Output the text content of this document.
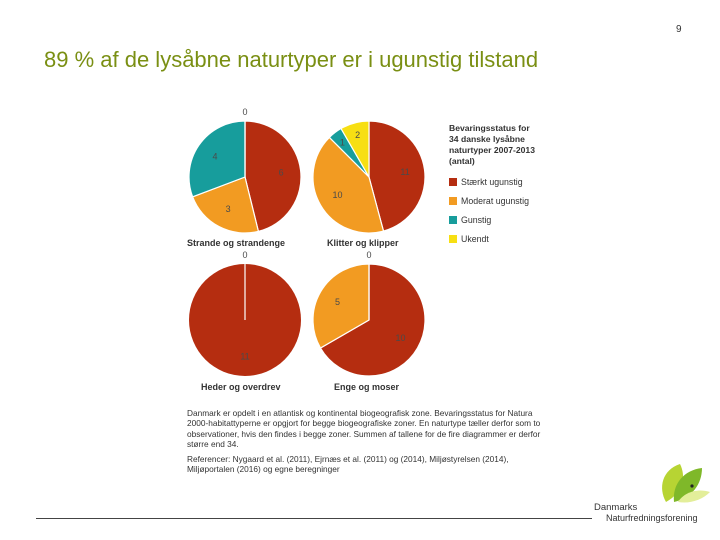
9
89 % af de lysåbne naturtyper er i ugunstig tilstand
6
3
4
0
Strande og strandenge
11
10
1
2
Klitter og klipper
11
0
Heder og overdrev
10
5
0
Enge og moser
Bevaringsstatus for
34 danske lysåbne
naturtyper 2007-2013
(antal)
Stærkt ugunstig
Moderat ugunstig
Gunstig
Ukendt

Danmark er opdelt i en atlantisk og kontinental biogeografisk zone. Bevaringsstatus for Natura 2000-habitattyperne er opgjort for begge biogeografiske zoner. En naturtype tæller derfor som to observationer, hvis den findes i begge zoner. Summen af tallene for de fire diagrammer er derfor større end 34.

Referencer: Nygaard et al. (2011), Ejrnæs et al. (2011) og (2014), Miljøstyrelsen (2014), Miljøportalen (2016) og egne beregninger

Danmarks
Naturfredningsforening
